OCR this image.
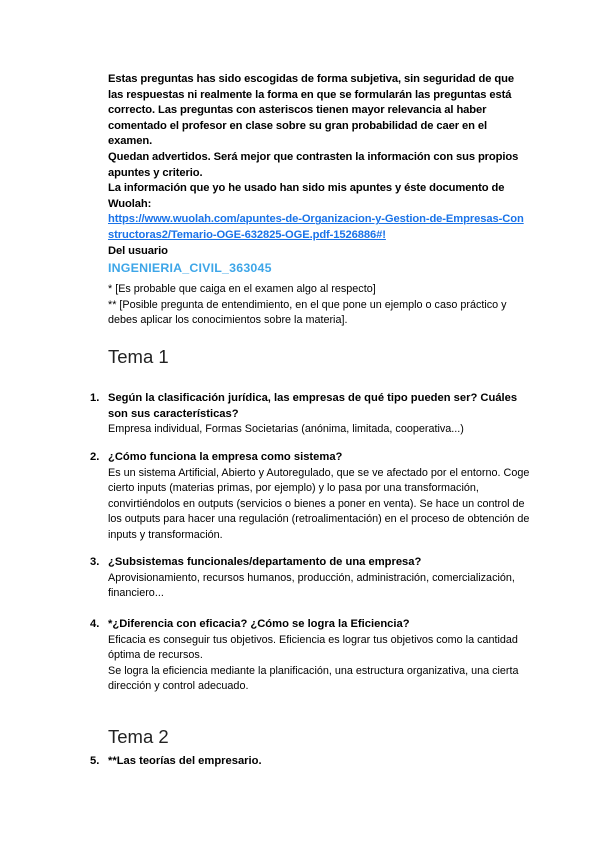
Estas preguntas has sido escogidas de forma subjetiva, sin seguridad de que las respuestas ni realmente la forma en que se formularán las preguntas está correcto. Las preguntas con asteriscos tienen mayor relevancia al haber comentado el profesor en clase sobre su gran probabilidad de caer en el examen.

Quedan advertidos. Será mejor que contrasten la información con sus propios apuntes y criterio.

La información que yo he usado han sido mis apuntes y éste documento de Wuolah:

https://www.wuolah.com/apuntes-de-Organizacion-y-Gestion-de-Empresas-Constructoras2/Temario-OGE-632825-OGE.pdf-1526886#!

Del usuario

INGENIERIA_CIVIL_363045

* [Es probable que caiga en el examen algo al respecto]

** [Posible pregunta de entendimiento, en el que pone un ejemplo o caso práctico y debes aplicar los conocimientos sobre la materia].

Tema 1
1. Según la clasificación jurídica, las empresas de qué tipo pueden ser? Cuáles son sus características?

Empresa individual, Formas Societarias (anónima, limitada, cooperativa...)

2. ¿Cómo funciona la empresa como sistema?

Es un sistema Artificial, Abierto y Autoregulado, que se ve afectado por el entorno. Coge cierto inputs (materias primas, por ejemplo) y lo pasa por una transformación, convirtiéndolos en outputs (servicios o bienes a poner en venta). Se hace un control de los outputs para hacer una regulación (retroalimentación) en el proceso de obtención de inputs y transformación.

3. ¿Subsistemas funcionales/departamento de una empresa?

Aprovisionamiento, recursos humanos, producción, administración, comercialización, financiero...

4. *¿Diferencia con eficacia? ¿Cómo se logra la Eficiencia?

Eficacia es conseguir tus objetivos. Eficiencia es lograr tus objetivos como la cantidad óptima de recursos.

Se logra la eficiencia mediante la planificación, una estructura organizativa, una cierta dirección y control adecuado.

Tema 2
5. **Las teorías del empresario.
